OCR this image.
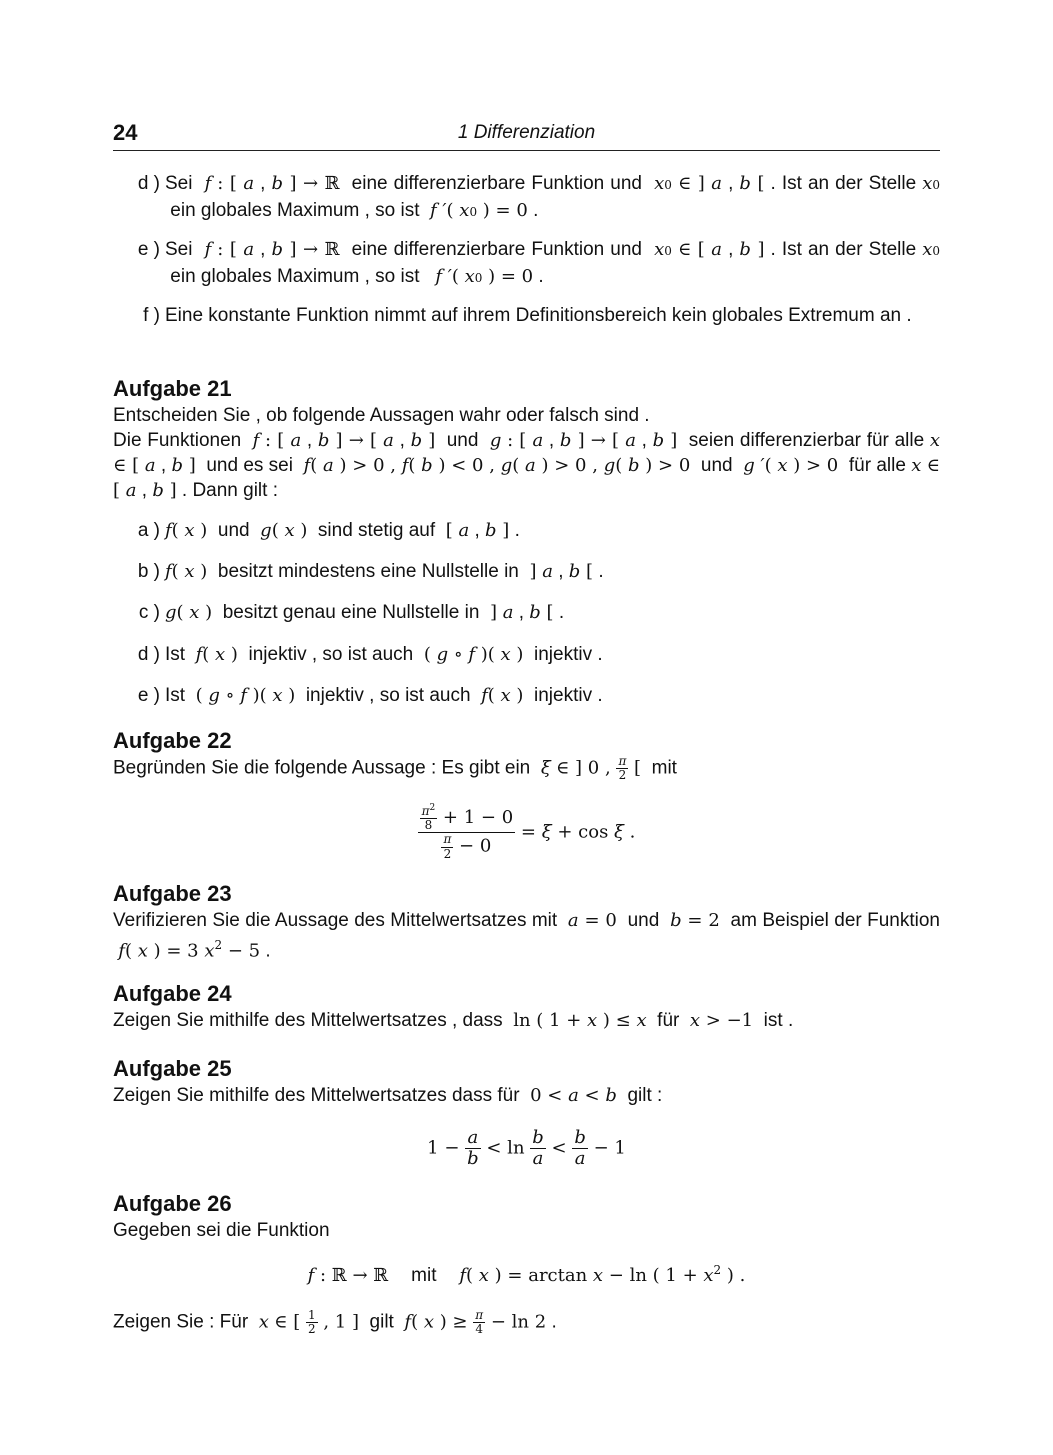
24	1 Differenziation
d ) Sei  f : [ a , b ] → ℝ  eine differenzierbare Funktion und  x0 ∈ ] a , b [ . Ist an der Stelle x0  ein globales Maximum , so ist  f ′( x0 ) = 0 .
e ) Sei  f : [ a , b ] → ℝ  eine differenzierbare Funktion und  x0 ∈ [ a , b ] . Ist an der Stelle x0  ein globales Maximum , so ist   f ′( x0 ) = 0 .
f ) Eine konstante Funktion nimmt auf ihrem Definitionsbereich kein globales Extremum an .
Aufgabe 21
Entscheiden Sie , ob folgende Aussagen wahr oder falsch sind .
Die Funktionen  f : [ a , b ] → [ a , b ]  und  g : [ a , b ] → [ a , b ]  seien differenzierbar für alle x ∈ [ a , b ]  und es sei  f( a ) > 0 , f( b ) < 0 , g( a ) > 0 , g( b ) > 0  und  g ′( x ) > 0  für alle x ∈ [ a , b ] . Dann gilt :
a ) f( x )  und  g( x )  sind stetig auf  [ a , b ] .
b ) f( x )  besitzt mindestens eine Nullstelle in  ] a , b [ .
c ) g( x )  besitzt genau eine Nullstelle in  ] a , b [ .
d ) Ist  f( x )  injektiv , so ist auch  ( g ∘ f )( x )  injektiv .
e ) Ist  ( g ∘ f )( x )  injektiv , so ist auch  f( x )  injektiv .
Aufgabe 22
Begründen Sie die folgende Aussage : Es gibt ein  ξ ∈ ] 0 , $\frac{\pi}{2}$ [  mit
$\frac{\frac{\pi^2}{8} + 1 - 0}{\frac{\pi}{2} - 0} = \xi + \cos \xi$ .
Aufgabe 23
Verifizieren Sie die Aussage des Mittelwertsatzes mit  a = 0  und  b = 2  am Beispiel der Funktion  f( x ) = 3 $x^2 - 5$ .
Aufgabe 24
Zeigen Sie mithilfe des Mittelwertsatzes , dass  ln ( 1 + x ) ≤ x  für  x > −1  ist .
Aufgabe 25
Zeigen Sie mithilfe des Mittelwertsatzes dass für  0 < a < b  gilt :
$1 - \frac{a}{b} < \ln \frac{b}{a} < \frac{b}{a} - 1$
Aufgabe 26
Gegeben sei die Funktion
f : ℝ → ℝ    mit f( x ) = arctan x − ln ( $1 + x^2$ ) .
Zeigen Sie : Für  x ∈ [ $\frac{1}{2}$ , 1 ]  gilt  f( x ) ≥ $\frac{\pi}{4} - \ln 2$ .
